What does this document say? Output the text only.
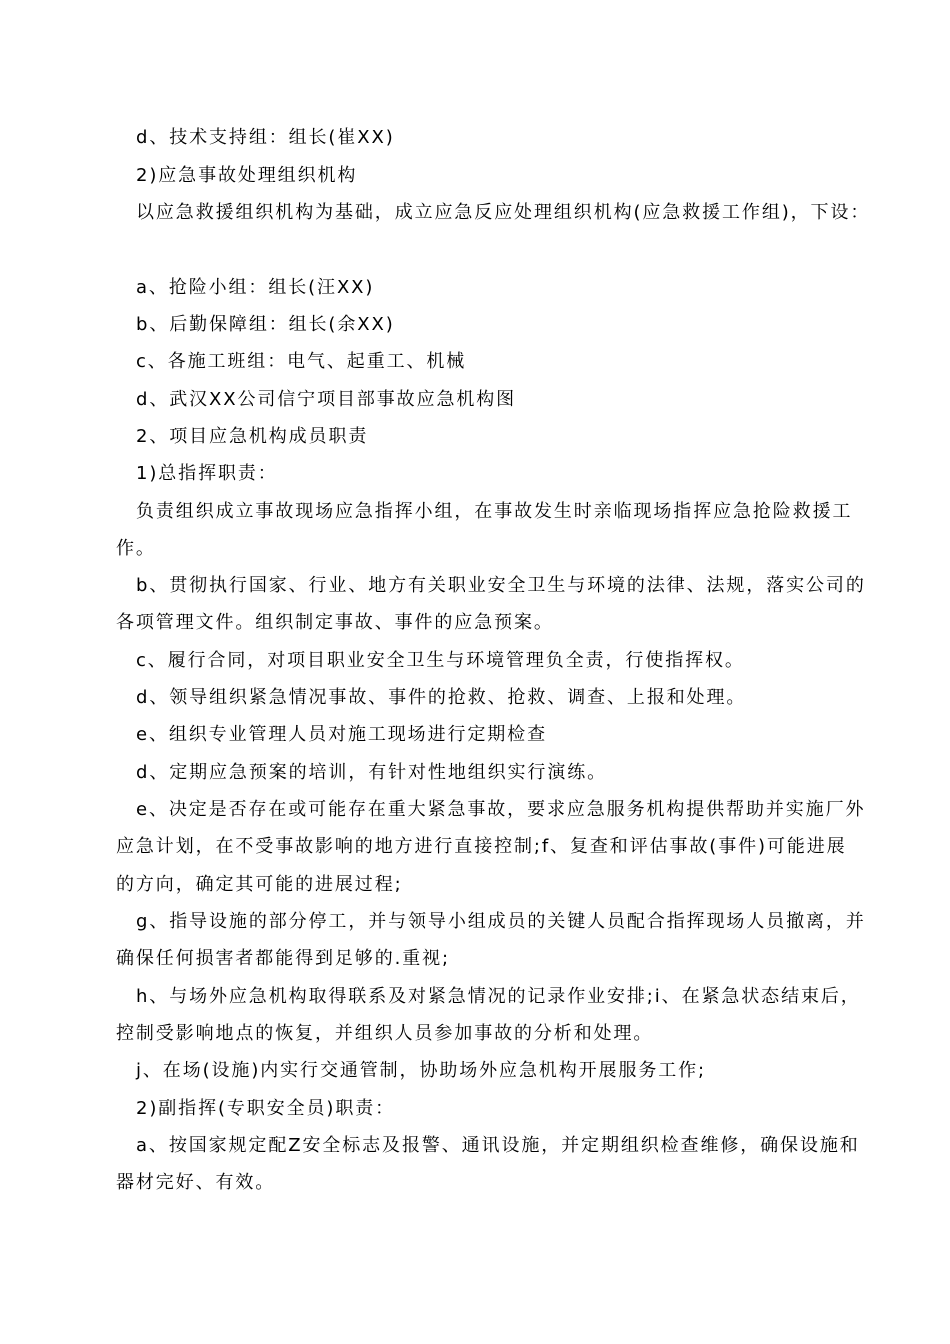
d、技术支持组：组长(崔XX)
2)应急事故处理组织机构
以应急救援组织机构为基础，成立应急反应处理组织机构(应急救援工作组)，下设：
a、抢险小组：组长(汪XX)
b、后勤保障组：组长(余XX)
c、各施工班组：电气、起重工、机械
d、武汉XX公司信宁项目部事故应急机构图
2、项目应急机构成员职责
1)总指挥职责：
负责组织成立事故现场应急指挥小组，在事故发生时亲临现场指挥应急抢险救援工
作。
b、贯彻执行国家、行业、地方有关职业安全卫生与环境的法律、法规，落实公司的
各项管理文件。组织制定事故、事件的应急预案。
c、履行合同，对项目职业安全卫生与环境管理负全责，行使指挥权。
d、领导组织紧急情况事故、事件的抢救、抢救、调查、上报和处理。
e、组织专业管理人员对施工现场进行定期检查
d、定期应急预案的培训，有针对性地组织实行演练。
e、决定是否存在或可能存在重大紧急事故，要求应急服务机构提供帮助并实施厂外
应急计划，在不受事故影响的地方进行直接控制;f、复查和评估事故(事件)可能进展
的方向，确定其可能的进展过程;
g、指导设施的部分停工，并与领导小组成员的关键人员配合指挥现场人员撤离，并
确保任何损害者都能得到足够的.重视;
h、与场外应急机构取得联系及对紧急情况的记录作业安排;i、在紧急状态结束后，
控制受影响地点的恢复，并组织人员参加事故的分析和处理。
j、在场(设施)内实行交通管制，协助场外应急机构开展服务工作;
2)副指挥(专职安全员)职责：
a、按国家规定配Z安全标志及报警、通讯设施，并定期组织检查维修，确保设施和
器材完好、有效。
